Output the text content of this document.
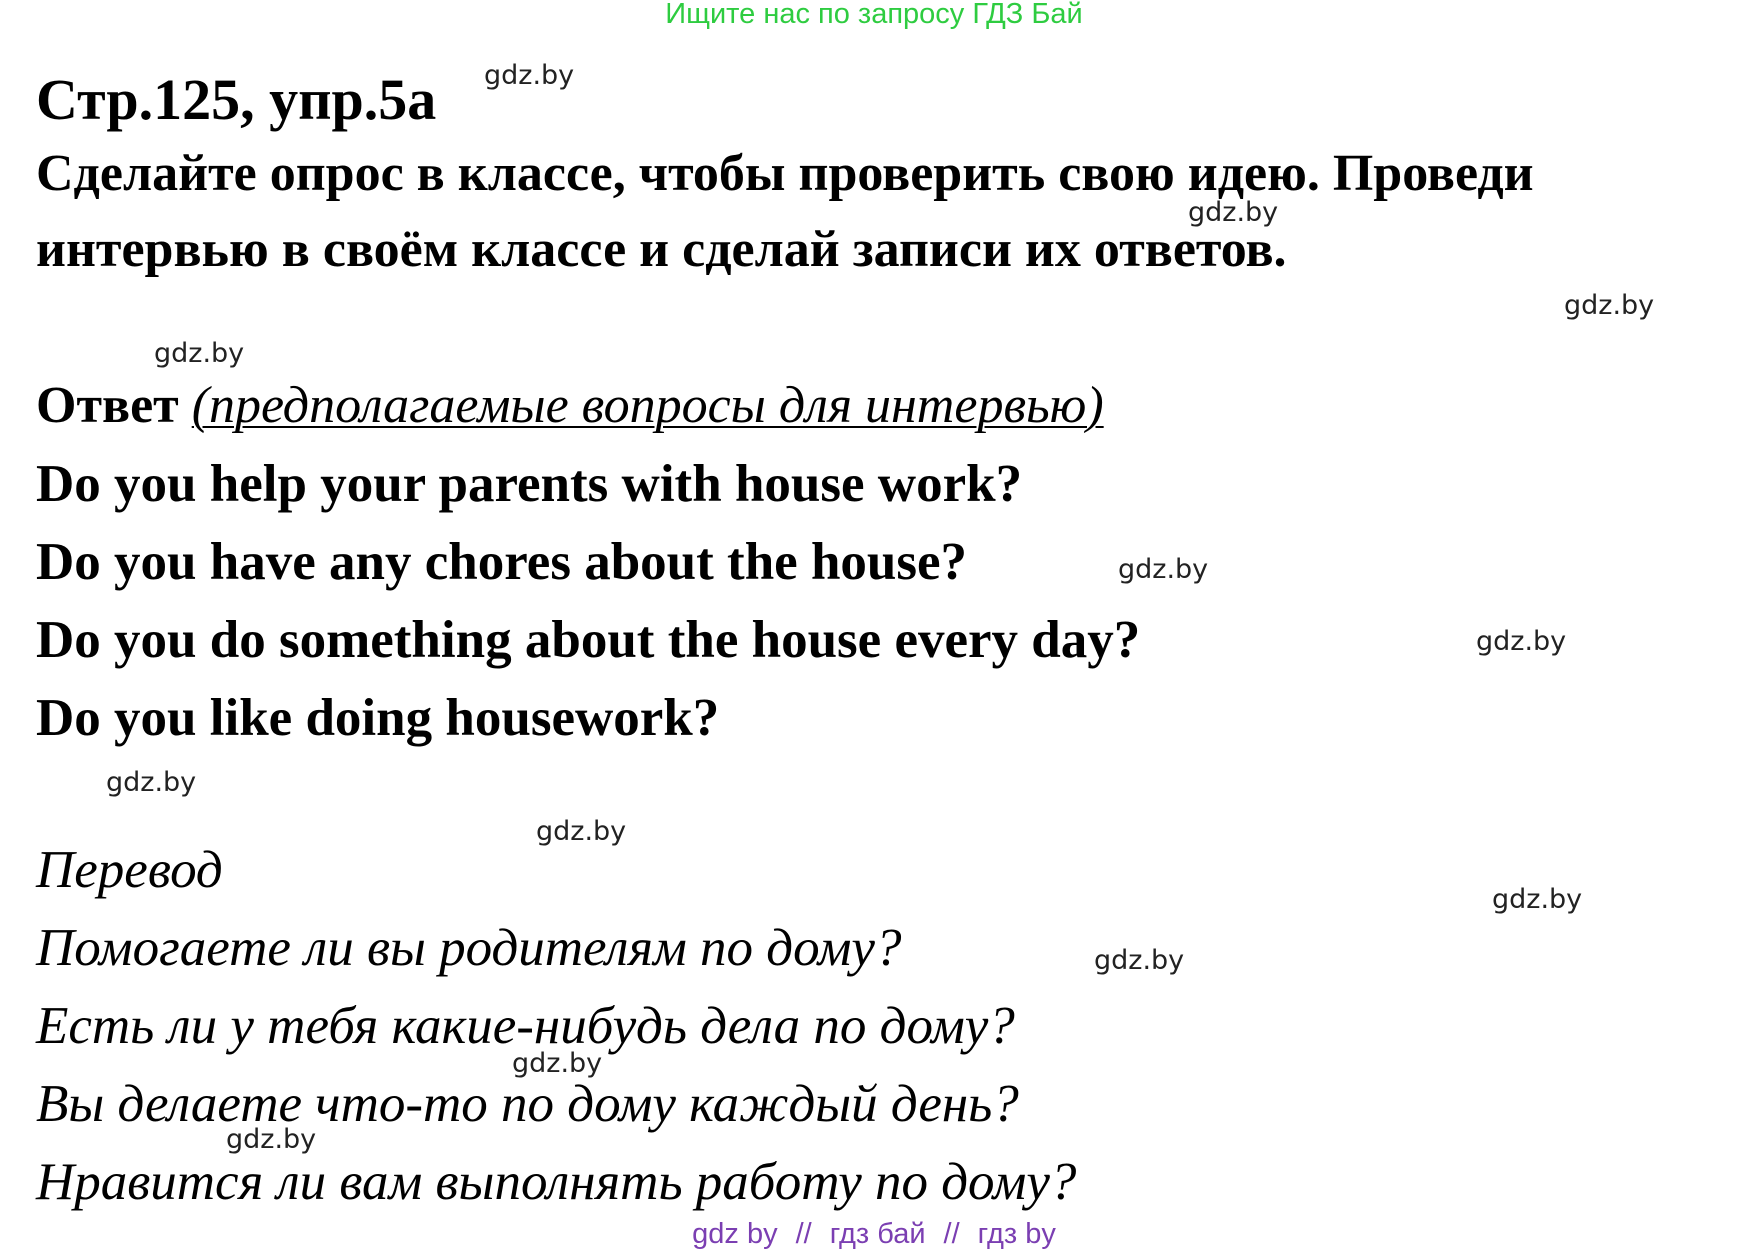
Ищите нас по запросу ГДЗ Бай
Стр.125, упр.5а
Сделайте опрос в классе, чтобы проверить свою идею. Проведи
интервью в своём классе и сделай записи их ответов.
Ответ (предполагаемые вопросы для интервью)
Do you help your parents with house work?
Do you have any chores about the house?
Do you do something about the house every day?
Do you like doing housework?
Перевод
Помогаете ли вы родителям по дому?
Есть ли у тебя какие-нибудь дела по дому?
Вы делаете что-то по дому каждый день?
Нравится ли вам выполнять работу по дому?
gdz.by
gdz.by
gdz.by
gdz.by
gdz.by
gdz.by
gdz.by
gdz.by
gdz.by
gdz.by
gdz.by
gdz.by
gdz by // гдз бай // гдз by
